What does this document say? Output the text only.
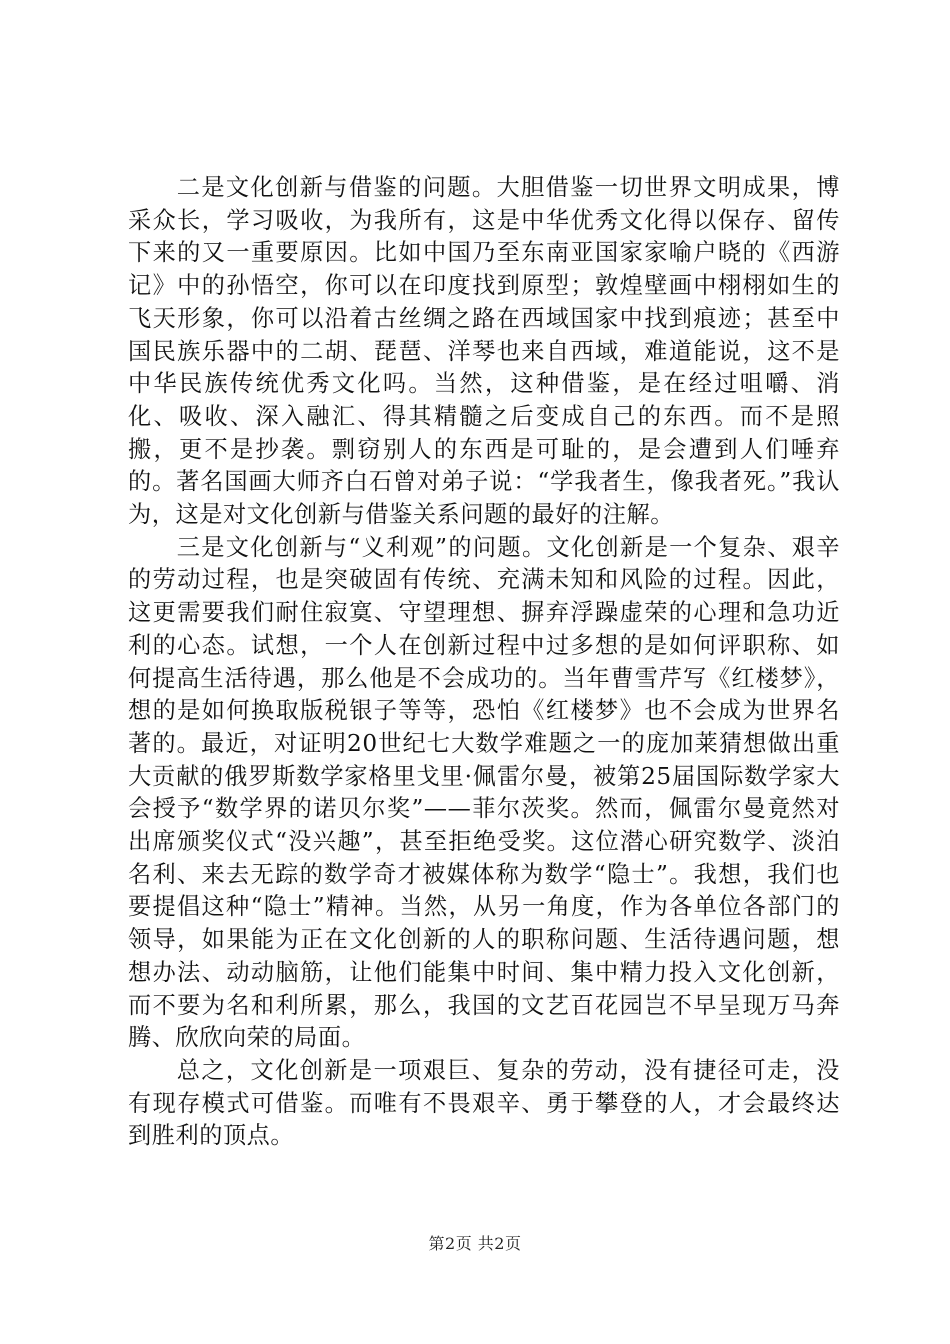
二是文化创新与借鉴的问题。大胆借鉴一切世界文明成果，博采众长，学习吸收，为我所有，这是中华优秀文化得以保存、留传下来的又一重要原因。比如中国乃至东南亚国家家喻户晓的《西游记》中的孙悟空，你可以在印度找到原型；敦煌壁画中栩栩如生的飞天形象，你可以沿着古丝绸之路在西域国家中找到痕迹；甚至中国民族乐器中的二胡、琵琶、洋琴也来自西域，难道能说，这不是中华民族传统优秀文化吗。当然，这种借鉴，是在经过咀嚼、消化、吸收、深入融汇、得其精髓之后变成自己的东西。而不是照搬，更不是抄袭。剽窃别人的东西是可耻的，是会遭到人们唾弃的。著名国画大师齐白石曾对弟子说：“学我者生，像我者死。”我认为，这是对文化创新与借鉴关系问题的最好的注解。

三是文化创新与“义利观”的问题。文化创新是一个复杂、艰辛的劳动过程，也是突破固有传统、充满未知和风险的过程。因此，这更需要我们耐住寂寞、守望理想、摒弃浮躁虚荣的心理和急功近利的心态。试想，一个人在创新过程中过多想的是如何评职称、如何提高生活待遇，那么他是不会成功的。当年曹雪芹写《红楼梦》，想的是如何换取版税银子等等，恐怕《红楼梦》也不会成为世界名著的。最近，对证明20世纪七大数学难题之一的庞加莱猜想做出重大贡献的俄罗斯数学家格里戈里·佩雷尔曼，被第25届国际数学家大会授予“数学界的诺贝尔奖”——菲尔茨奖。然而，佩雷尔曼竟然对出席颁奖仪式“没兴趣”，甚至拒绝受奖。这位潜心研究数学、淡泊名利、来去无踪的数学奇才被媒体称为数学“隐士”。我想，我们也要提倡这种“隐士”精神。当然，从另一角度，作为各单位各部门的领导，如果能为正在文化创新的人的职称问题、生活待遇问题，想想办法、动动脑筋，让他们能集中时间、集中精力投入文化创新，而不要为名和利所累，那么，我国的文艺百花园岂不早呈现万马奔腾、欣欣向荣的局面。

总之，文化创新是一项艰巨、复杂的劳动，没有捷径可走，没有现存模式可借鉴。而唯有不畏艰辛、勇于攀登的人，才会最终达到胜利的顶点。

第2页 共2页
